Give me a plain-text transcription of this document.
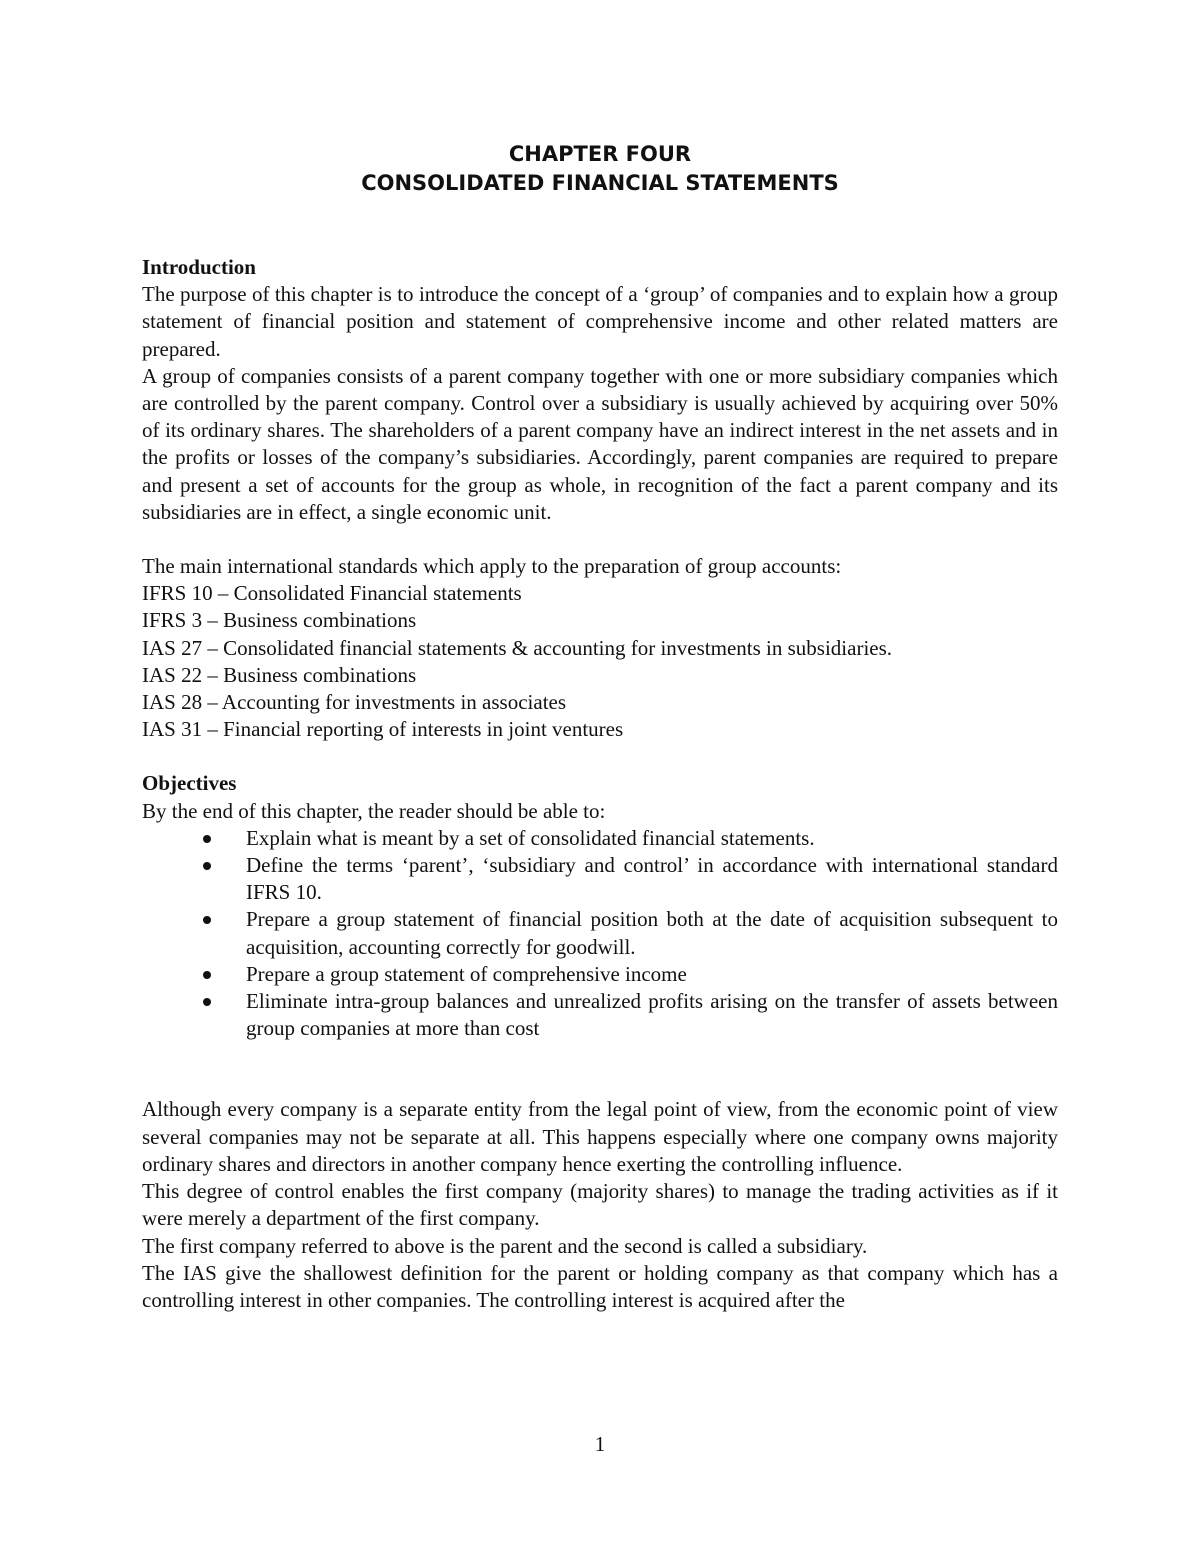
CHAPTER FOUR
CONSOLIDATED FINANCIAL STATEMENTS

Introduction

The purpose of this chapter is to introduce the concept of a ‘group’ of companies and to explain how a group statement of financial position and statement of comprehensive income and other related matters are prepared.

A group of companies consists of a parent company together with one or more subsidiary companies which are controlled by the parent company. Control over a subsidiary is usually achieved by acquiring over 50% of its ordinary shares. The shareholders of a parent company have an indirect interest in the net assets and in the profits or losses of the company’s subsidiaries. Accordingly, parent companies are required to prepare and present a set of accounts for the group as whole, in recognition of the fact a parent company and its subsidiaries are in effect, a single economic unit.

The main international standards which apply to the preparation of group accounts:

IFRS 10 – Consolidated Financial statements

IFRS 3 – Business combinations

IAS 27 – Consolidated financial statements & accounting for investments in subsidiaries.

IAS 22 – Business combinations

IAS 28 – Accounting for investments in associates

IAS 31 – Financial reporting of interests in joint ventures

Objectives

By the end of this chapter, the reader should be able to:

Explain what is meant by a set of consolidated financial statements.
Define the terms ‘parent’, ‘subsidiary and control’ in accordance with international standard IFRS 10.
Prepare a group statement of financial position both at the date of acquisition subsequent to acquisition, accounting correctly for goodwill.
Prepare a group statement of comprehensive income
Eliminate intra-group balances and unrealized profits arising on the transfer of assets between group companies at more than cost

Although every company is a separate entity from the legal point of view, from the economic point of view several companies may not be separate at all. This happens especially where one company owns majority ordinary shares and directors in another company hence exerting the controlling influence.

This degree of control enables the first company (majority shares) to manage the trading activities as if it were merely a department of the first company.

The first company referred to above is the parent and the second is called a subsidiary.

The IAS give the shallowest definition for the parent or holding company as that company which has a controlling interest in other companies. The controlling interest is acquired after the

1
